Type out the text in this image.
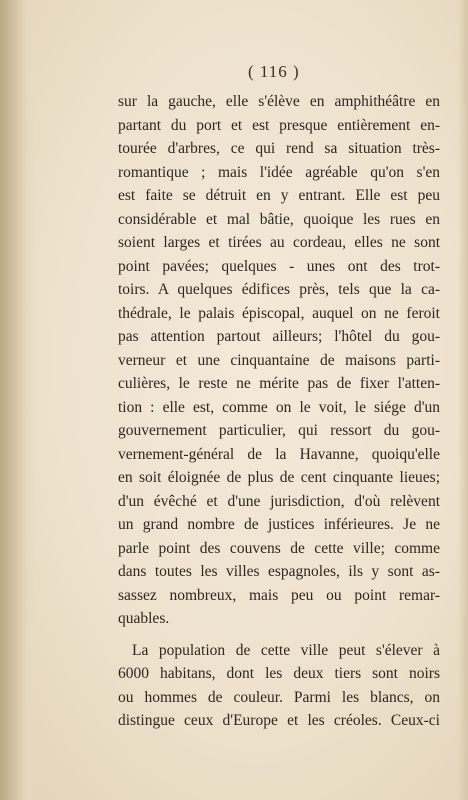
( 116 )
sur la gauche, elle s'élève en amphithéâtre en
partant du port et est presque entièrement en-
tourée d'arbres, ce qui rend sa situation très-
romantique ; mais l'idée agréable qu'on s'en
est faite se détruit en y entrant. Elle est peu
considérable et mal bâtie, quoique les rues en
soient larges et tirées au cordeau, elles ne sont
point pavées; quelques - unes ont des trot-
toirs. A quelques édifices près, tels que la ca-
thédrale, le palais épiscopal, auquel on ne feroit
pas attention partout ailleurs; l'hôtel du gou-
verneur et une cinquantaine de maisons parti-
culières, le reste ne mérite pas de fixer l'atten-
tion : elle est, comme on le voit, le siége d'un
gouvernement particulier, qui ressort du gou-
vernement-général de la Havanne, quoiqu'elle
en soit éloignée de plus de cent cinquante lieues;
d'un évêché et d'une jurisdiction, d'où relèvent
un grand nombre de justices inférieures. Je ne
parle point des couvens de cette ville; comme
dans toutes les villes espagnoles, ils y sont as-
sassez nombreux, mais peu ou point remar-
quables.
La population de cette ville peut s'élever à
6000 habitans, dont les deux tiers sont noirs
ou hommes de couleur. Parmi les blancs, on
distingue ceux d'Europe et les créoles. Ceux-ci
